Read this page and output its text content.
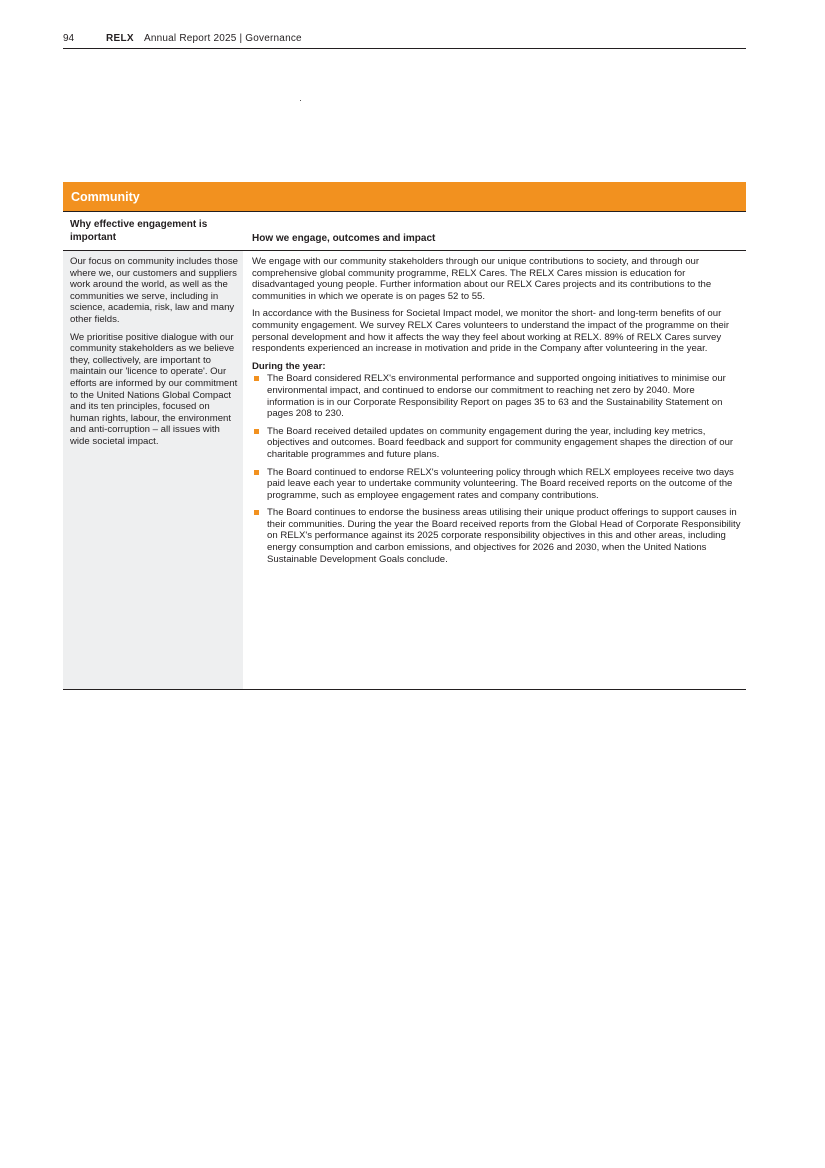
94	RELX Annual Report 2025 | Governance
Community
Why effective engagement is important	How we engage, outcomes and impact

Our focus on community includes those where we, our customers and suppliers work around the world, as well as the communities we serve, including in science, academia, risk, law and many other fields.

We prioritise positive dialogue with our community stakeholders as we believe they, collectively, are important to maintain our 'licence to operate'. Our efforts are informed by our commitment to the United Nations Global Compact and its ten principles, focused on human rights, labour, the environment and anti-corruption – all issues with wide societal impact.

We engage with our community stakeholders through our unique contributions to society, and through our comprehensive global community programme, RELX Cares. The RELX Cares mission is education for disadvantaged young people. Further information about our RELX Cares projects and its contributions to the communities in which we operate is on pages 52 to 55.

In accordance with the Business for Societal Impact model, we monitor the short- and long-term benefits of our community engagement. We survey RELX Cares volunteers to understand the impact of the programme on their personal development and how it affects the way they feel about working at RELX. 89% of RELX Cares survey respondents experienced an increase in motivation and pride in the Company after volunteering in the year.

During the year:
The Board considered RELX's environmental performance and supported ongoing initiatives to minimise our environmental impact, and continued to endorse our commitment to reaching net zero by 2040. More information is in our Corporate Responsibility Report on pages 35 to 63 and the Sustainability Statement on pages 208 to 230.
The Board received detailed updates on community engagement during the year, including key metrics, objectives and outcomes. Board feedback and support for community engagement shapes the direction of our charitable programmes and future plans.
The Board continued to endorse RELX's volunteering policy through which RELX employees receive two days paid leave each year to undertake community volunteering. The Board received reports on the outcome of the programme, such as employee engagement rates and company contributions.
The Board continues to endorse the business areas utilising their unique product offerings to support causes in their communities. During the year the Board received reports from the Global Head of Corporate Responsibility on RELX's performance against its 2025 corporate responsibility objectives in this and other areas, including energy consumption and carbon emissions, and objectives for 2026 and 2030, when the United Nations Sustainable Development Goals conclude.
